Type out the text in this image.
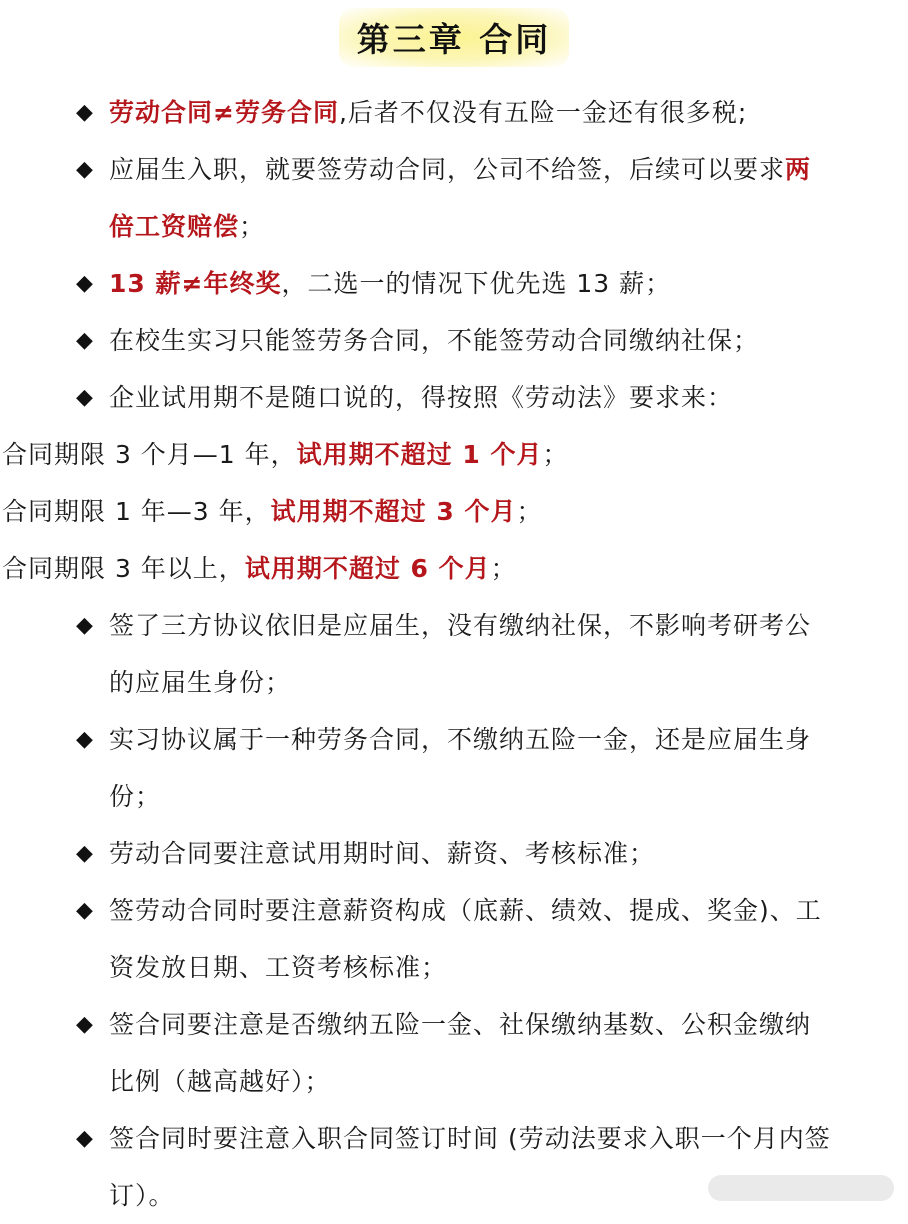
第三章 合同
◆ 劳动合同≠劳务合同,后者不仅没有五险一金还有很多税;
◆ 应届生入职，就要签劳动合同，公司不给签，后续可以要求两倍工资赔偿；
◆ 13 薪≠年终奖，二选一的情况下优先选 13 薪；
◆ 在校生实习只能签劳务合同，不能签劳动合同缴纳社保；
◆ 企业试用期不是随口说的，得按照《劳动法》要求来：
合同期限 3 个月—1 年，试用期不超过 1 个月；
合同期限 1 年—3 年，试用期不超过 3 个月；
合同期限 3 年以上，试用期不超过 6 个月；
◆ 签了三方协议依旧是应届生，没有缴纳社保，不影响考研考公的应届生身份；
◆ 实习协议属于一种劳务合同，不缴纳五险一金，还是应届生身份；
◆ 劳动合同要注意试用期时间、薪资、考核标准；
◆ 签劳动合同时要注意薪资构成（底薪、绩效、提成、奖金)、工资发放日期、工资考核标准；
◆ 签合同要注意是否缴纳五险一金、社保缴纳基数、公积金缴纳比例（越高越好）；
◆ 签合同时要注意入职合同签订时间 (劳动法要求入职一个月内签订）。
